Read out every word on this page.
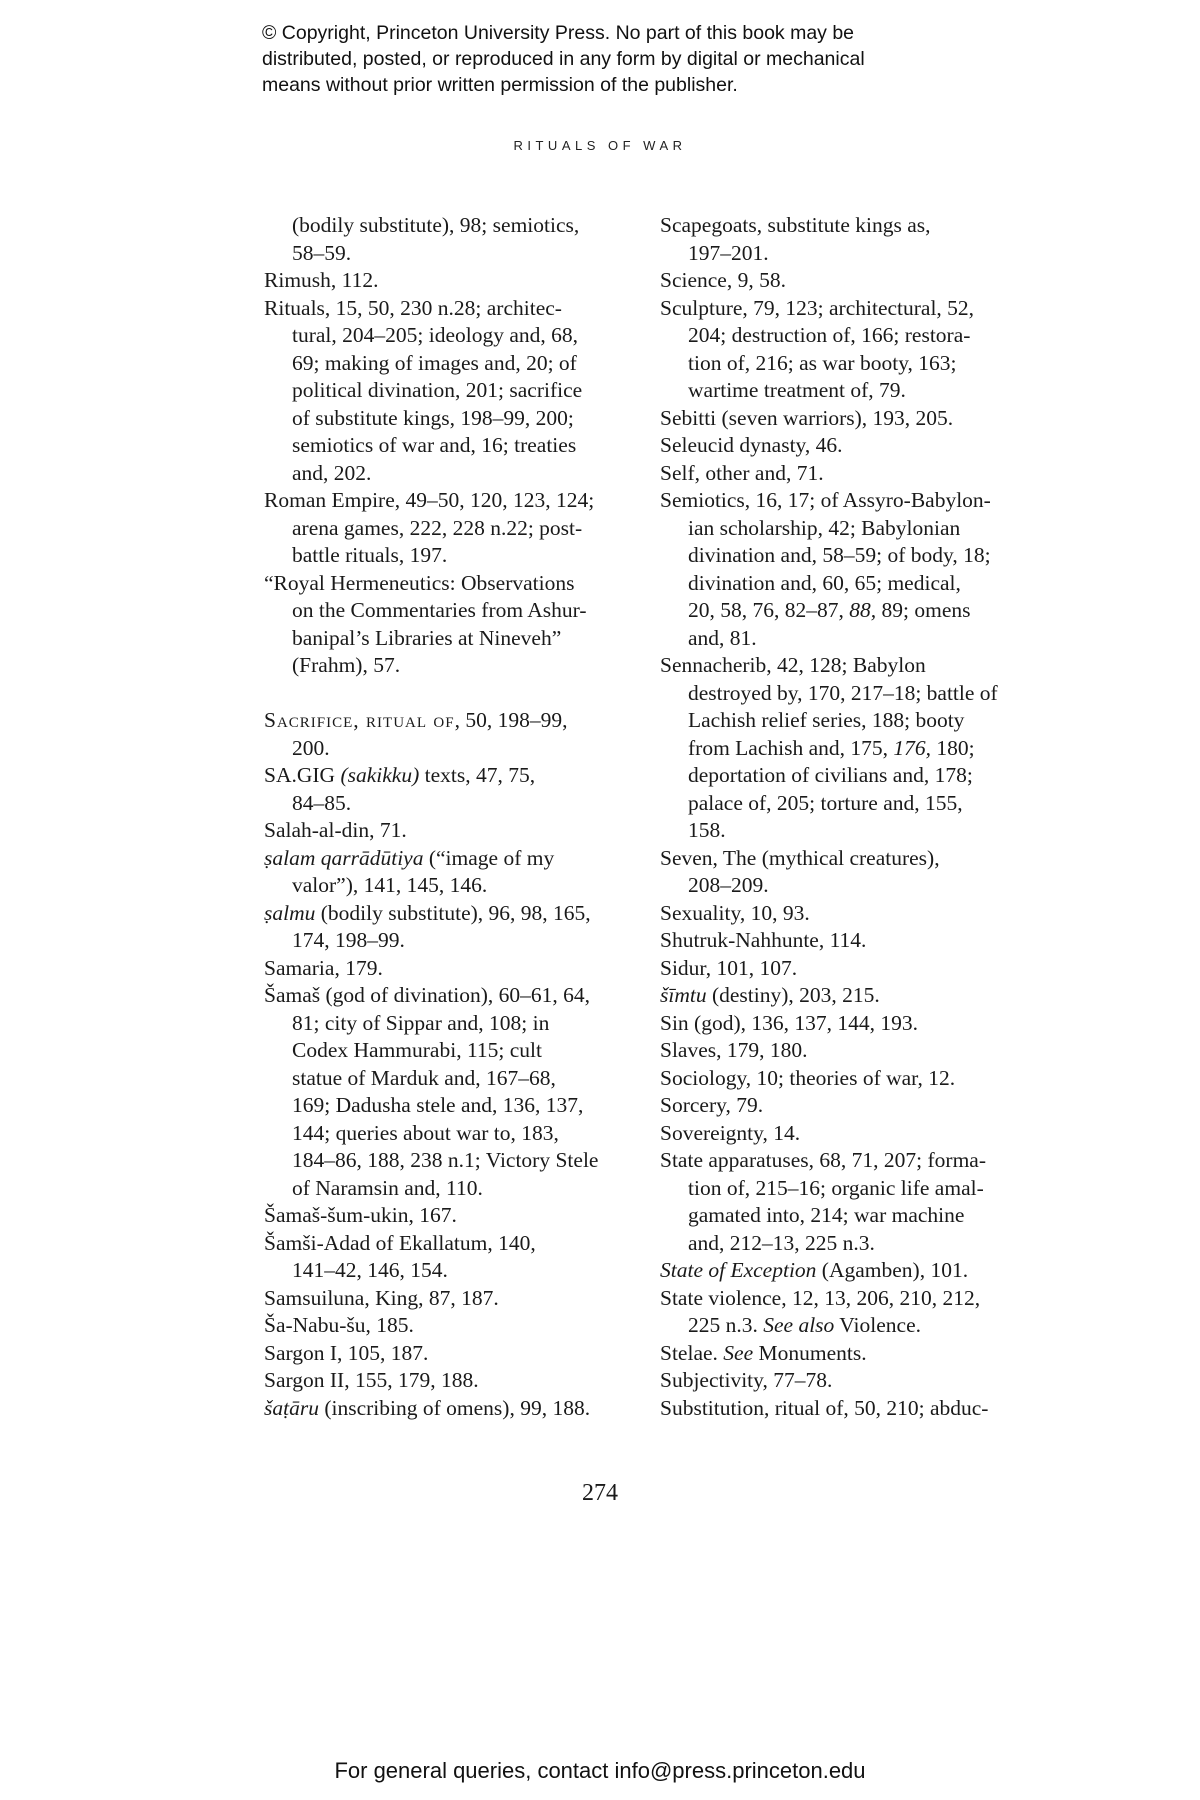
© Copyright, Princeton University Press. No part of this book may be
distributed, posted, or reproduced in any form by digital or mechanical
means without prior written permission of the publisher.
RITUALS OF WAR
(bodily substitute), 98; semiotics,
58–59.
Rimush, 112.
Rituals, 15, 50, 230 n.28; architec-
tural, 204–205; ideology and, 68,
69; making of images and, 20; of
political divination, 201; sacrifice
of substitute kings, 198–99, 200;
semiotics of war and, 16; treaties
and, 202.
Roman Empire, 49–50, 120, 123, 124;
arena games, 222, 228 n.22; post-
battle rituals, 197.
“Royal Hermeneutics: Observations
on the Commentaries from Ashur-
banipal’s Libraries at Nineveh”
(Frahm), 57.
Sacrifice, ritual of, 50, 198–99,
200.
SA.GIG (sakikku) texts, 47, 75,
84–85.
Salah-al-din, 71.
ṣalam qarrādūtiya (“image of my
valor”), 141, 145, 146.
ṣalmu (bodily substitute), 96, 98, 165,
174, 198–99.
Samaria, 179.
Šamaš (god of divination), 60–61, 64,
81; city of Sippar and, 108; in
Codex Hammurabi, 115; cult
statue of Marduk and, 167–68,
169; Dadusha stele and, 136, 137,
144; queries about war to, 183,
184–86, 188, 238 n.1; Victory Stele
of Naramsin and, 110.
Šamaš-šum-ukin, 167.
Šamši-Adad of Ekallatum, 140,
141–42, 146, 154.
Samsuiluna, King, 87, 187.
Ša-Nabu-šu, 185.
Sargon I, 105, 187.
Sargon II, 155, 179, 188.
šaṭāru (inscribing of omens), 99, 188.
Scapegoats, substitute kings as,
197–201.
Science, 9, 58.
Sculpture, 79, 123; architectural, 52,
204; destruction of, 166; restora-
tion of, 216; as war booty, 163;
wartime treatment of, 79.
Sebitti (seven warriors), 193, 205.
Seleucid dynasty, 46.
Self, other and, 71.
Semiotics, 16, 17; of Assyro-Babylon-
ian scholarship, 42; Babylonian
divination and, 58–59; of body, 18;
divination and, 60, 65; medical,
20, 58, 76, 82–87, 88, 89; omens
and, 81.
Sennacherib, 42, 128; Babylon
destroyed by, 170, 217–18; battle of
Lachish relief series, 188; booty
from Lachish and, 175, 176, 180;
deportation of civilians and, 178;
palace of, 205; torture and, 155,
158.
Seven, The (mythical creatures),
208–209.
Sexuality, 10, 93.
Shutruk-Nahhunte, 114.
Sidur, 101, 107.
šīmtu (destiny), 203, 215.
Sin (god), 136, 137, 144, 193.
Slaves, 179, 180.
Sociology, 10; theories of war, 12.
Sorcery, 79.
Sovereignty, 14.
State apparatuses, 68, 71, 207; forma-
tion of, 215–16; organic life amal-
gamated into, 214; war machine
and, 212–13, 225 n.3.
State of Exception (Agamben), 101.
State violence, 12, 13, 206, 210, 212,
225 n.3. See also Violence.
Stelae. See Monuments.
Subjectivity, 77–78.
Substitution, ritual of, 50, 210; abduc-
274
For general queries, contact info@press.princeton.edu
